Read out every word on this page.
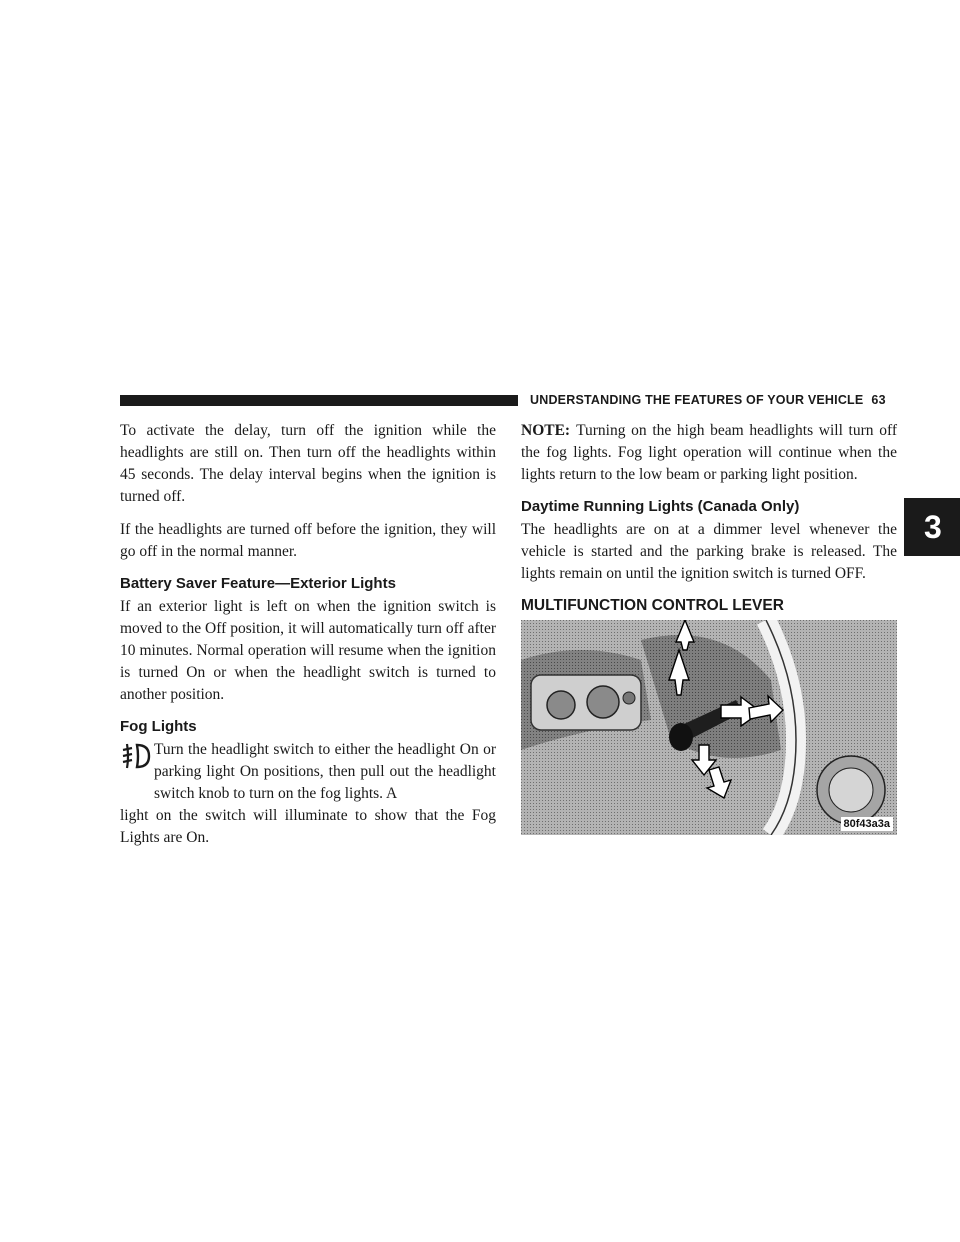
UNDERSTANDING THE FEATURES OF YOUR VEHICLE 63
3

To activate the delay, turn off the ignition while the headlights are still on. Then turn off the headlights within 45 seconds. The delay interval begins when the ignition is turned off.

If the headlights are turned off before the ignition, they will go off in the normal manner.

Battery Saver Feature—Exterior Lights

If an exterior light is left on when the ignition switch is moved to the Off position, it will automatically turn off after 10 minutes. Normal operation will resume when the ignition is turned On or when the headlight switch is turned to another position.

Fog Lights

Turn the headlight switch to either the headlight On or parking light On positions, then pull out the headlight switch knob to turn on the fog lights. A

light on the switch will illuminate to show that the Fog Lights are On.

NOTE: Turning on the high beam headlights will turn off the fog lights. Fog light operation will continue when the lights return to the low beam or parking light position.

Daytime Running Lights (Canada Only)

The headlights are on at a dimmer level whenever the vehicle is started and the parking brake is released. The lights remain on until the ignition switch is turned OFF.

MULTIFUNCTION CONTROL LEVER
80f43a3a
